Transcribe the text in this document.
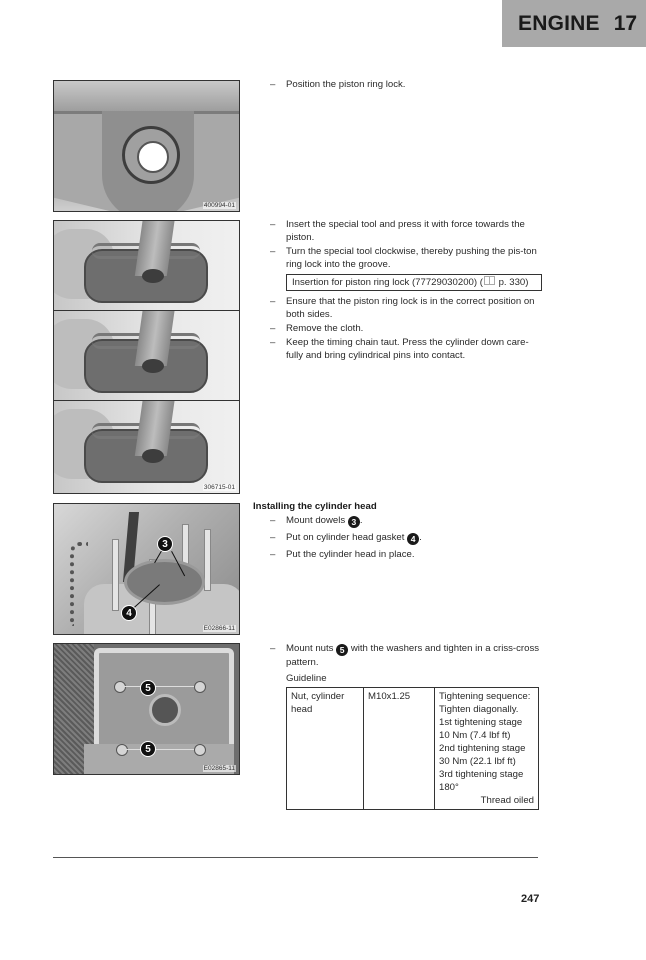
ENGINE 17
400994-01
306715-01
3
4
E02866-11
5
5
E02865-11
– Position the piston ring lock.
– Insert the special tool and press it with force towards the piston.
– Turn the special tool clockwise, thereby pushing the pis-ton ring lock into the groove.
Insertion for piston ring lock (77729030200) ( p. 330)
– Ensure that the piston ring lock is in the correct position on both sides.
– Remove the cloth.
– Keep the timing chain taut. Press the cylinder down care-fully and bring cylindrical pins into contact.
Installing the cylinder head
– Mount dowels 3 .
– Put on cylinder head gasket 4 .
– Put the cylinder head in place.
– Mount nuts 5 with the washers and tighten in a criss-cross pattern.
Guideline
Nut, cylinder head	M10x1.25	Tightening sequence:
Tighten diagonally.
1st tightening stage
10 Nm (7.4 lbf ft)
2nd tightening stage
30 Nm (22.1 lbf ft)
3rd tightening stage
180°
Thread oiled
247
